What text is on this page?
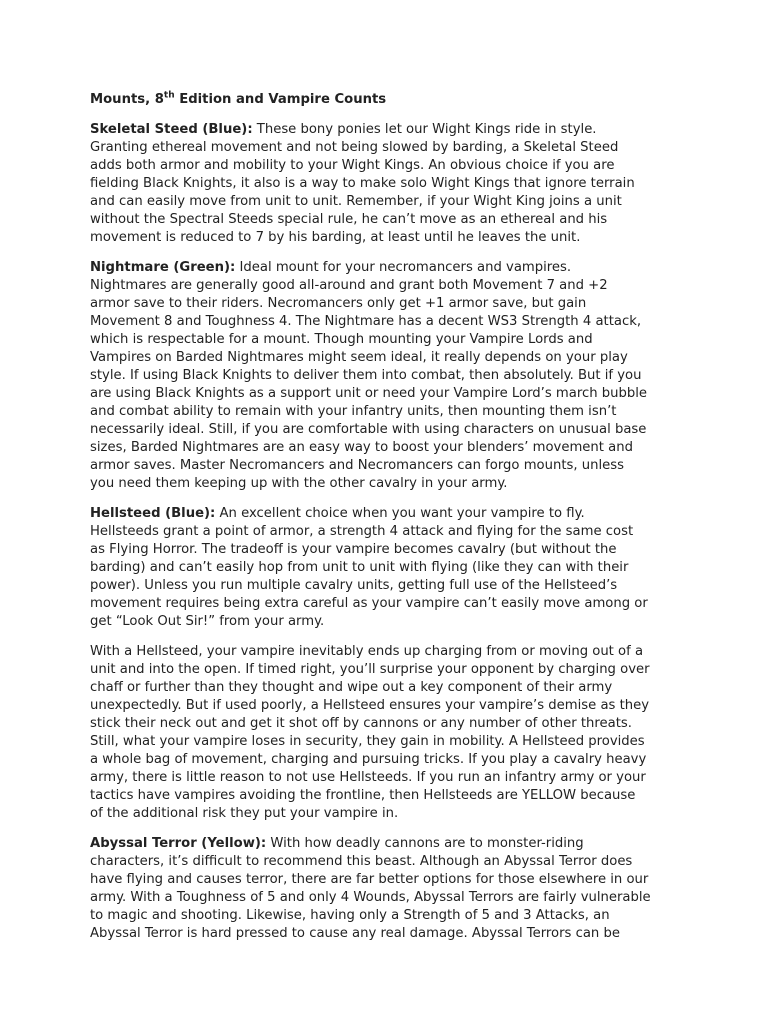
Mounts, 8th Edition and Vampire Counts
Skeletal Steed (Blue): These bony ponies let our Wight Kings ride in style.
Granting ethereal movement and not being slowed by barding, a Skeletal Steed
adds both armor and mobility to your Wight Kings. An obvious choice if you are
fielding Black Knights, it also is a way to make solo Wight Kings that ignore terrain
and can easily move from unit to unit. Remember, if your Wight King joins a unit
without the Spectral Steeds special rule, he can’t move as an ethereal and his
movement is reduced to 7 by his barding, at least until he leaves the unit.
Nightmare (Green): Ideal mount for your necromancers and vampires.
Nightmares are generally good all-around and grant both Movement 7 and +2
armor save to their riders. Necromancers only get +1 armor save, but gain
Movement 8 and Toughness 4. The Nightmare has a decent WS3 Strength 4 attack,
which is respectable for a mount. Though mounting your Vampire Lords and
Vampires on Barded Nightmares might seem ideal, it really depends on your play
style. If using Black Knights to deliver them into combat, then absolutely. But if you
are using Black Knights as a support unit or need your Vampire Lord’s march bubble
and combat ability to remain with your infantry units, then mounting them isn’t
necessarily ideal. Still, if you are comfortable with using characters on unusual base
sizes, Barded Nightmares are an easy way to boost your blenders’ movement and
armor saves. Master Necromancers and Necromancers can forgo mounts, unless
you need them keeping up with the other cavalry in your army.
Hellsteed (Blue): An excellent choice when you want your vampire to fly.
Hellsteeds grant a point of armor, a strength 4 attack and flying for the same cost
as Flying Horror. The tradeoff is your vampire becomes cavalry (but without the
barding) and can’t easily hop from unit to unit with flying (like they can with their
power). Unless you run multiple cavalry units, getting full use of the Hellsteed’s
movement requires being extra careful as your vampire can’t easily move among or
get “Look Out Sir!” from your army.
With a Hellsteed, your vampire inevitably ends up charging from or moving out of a
unit and into the open. If timed right, you’ll surprise your opponent by charging over
chaff or further than they thought and wipe out a key component of their army
unexpectedly. But if used poorly, a Hellsteed ensures your vampire’s demise as they
stick their neck out and get it shot off by cannons or any number of other threats.
Still, what your vampire loses in security, they gain in mobility. A Hellsteed provides
a whole bag of movement, charging and pursuing tricks. If you play a cavalry heavy
army, there is little reason to not use Hellsteeds. If you run an infantry army or your
tactics have vampires avoiding the frontline, then Hellsteeds are YELLOW because
of the additional risk they put your vampire in.
Abyssal Terror (Yellow): With how deadly cannons are to monster-riding
characters, it’s difficult to recommend this beast. Although an Abyssal Terror does
have flying and causes terror, there are far better options for those elsewhere in our
army. With a Toughness of 5 and only 4 Wounds, Abyssal Terrors are fairly vulnerable
to magic and shooting. Likewise, having only a Strength of 5 and 3 Attacks, an
Abyssal Terror is hard pressed to cause any real damage. Abyssal Terrors can be
